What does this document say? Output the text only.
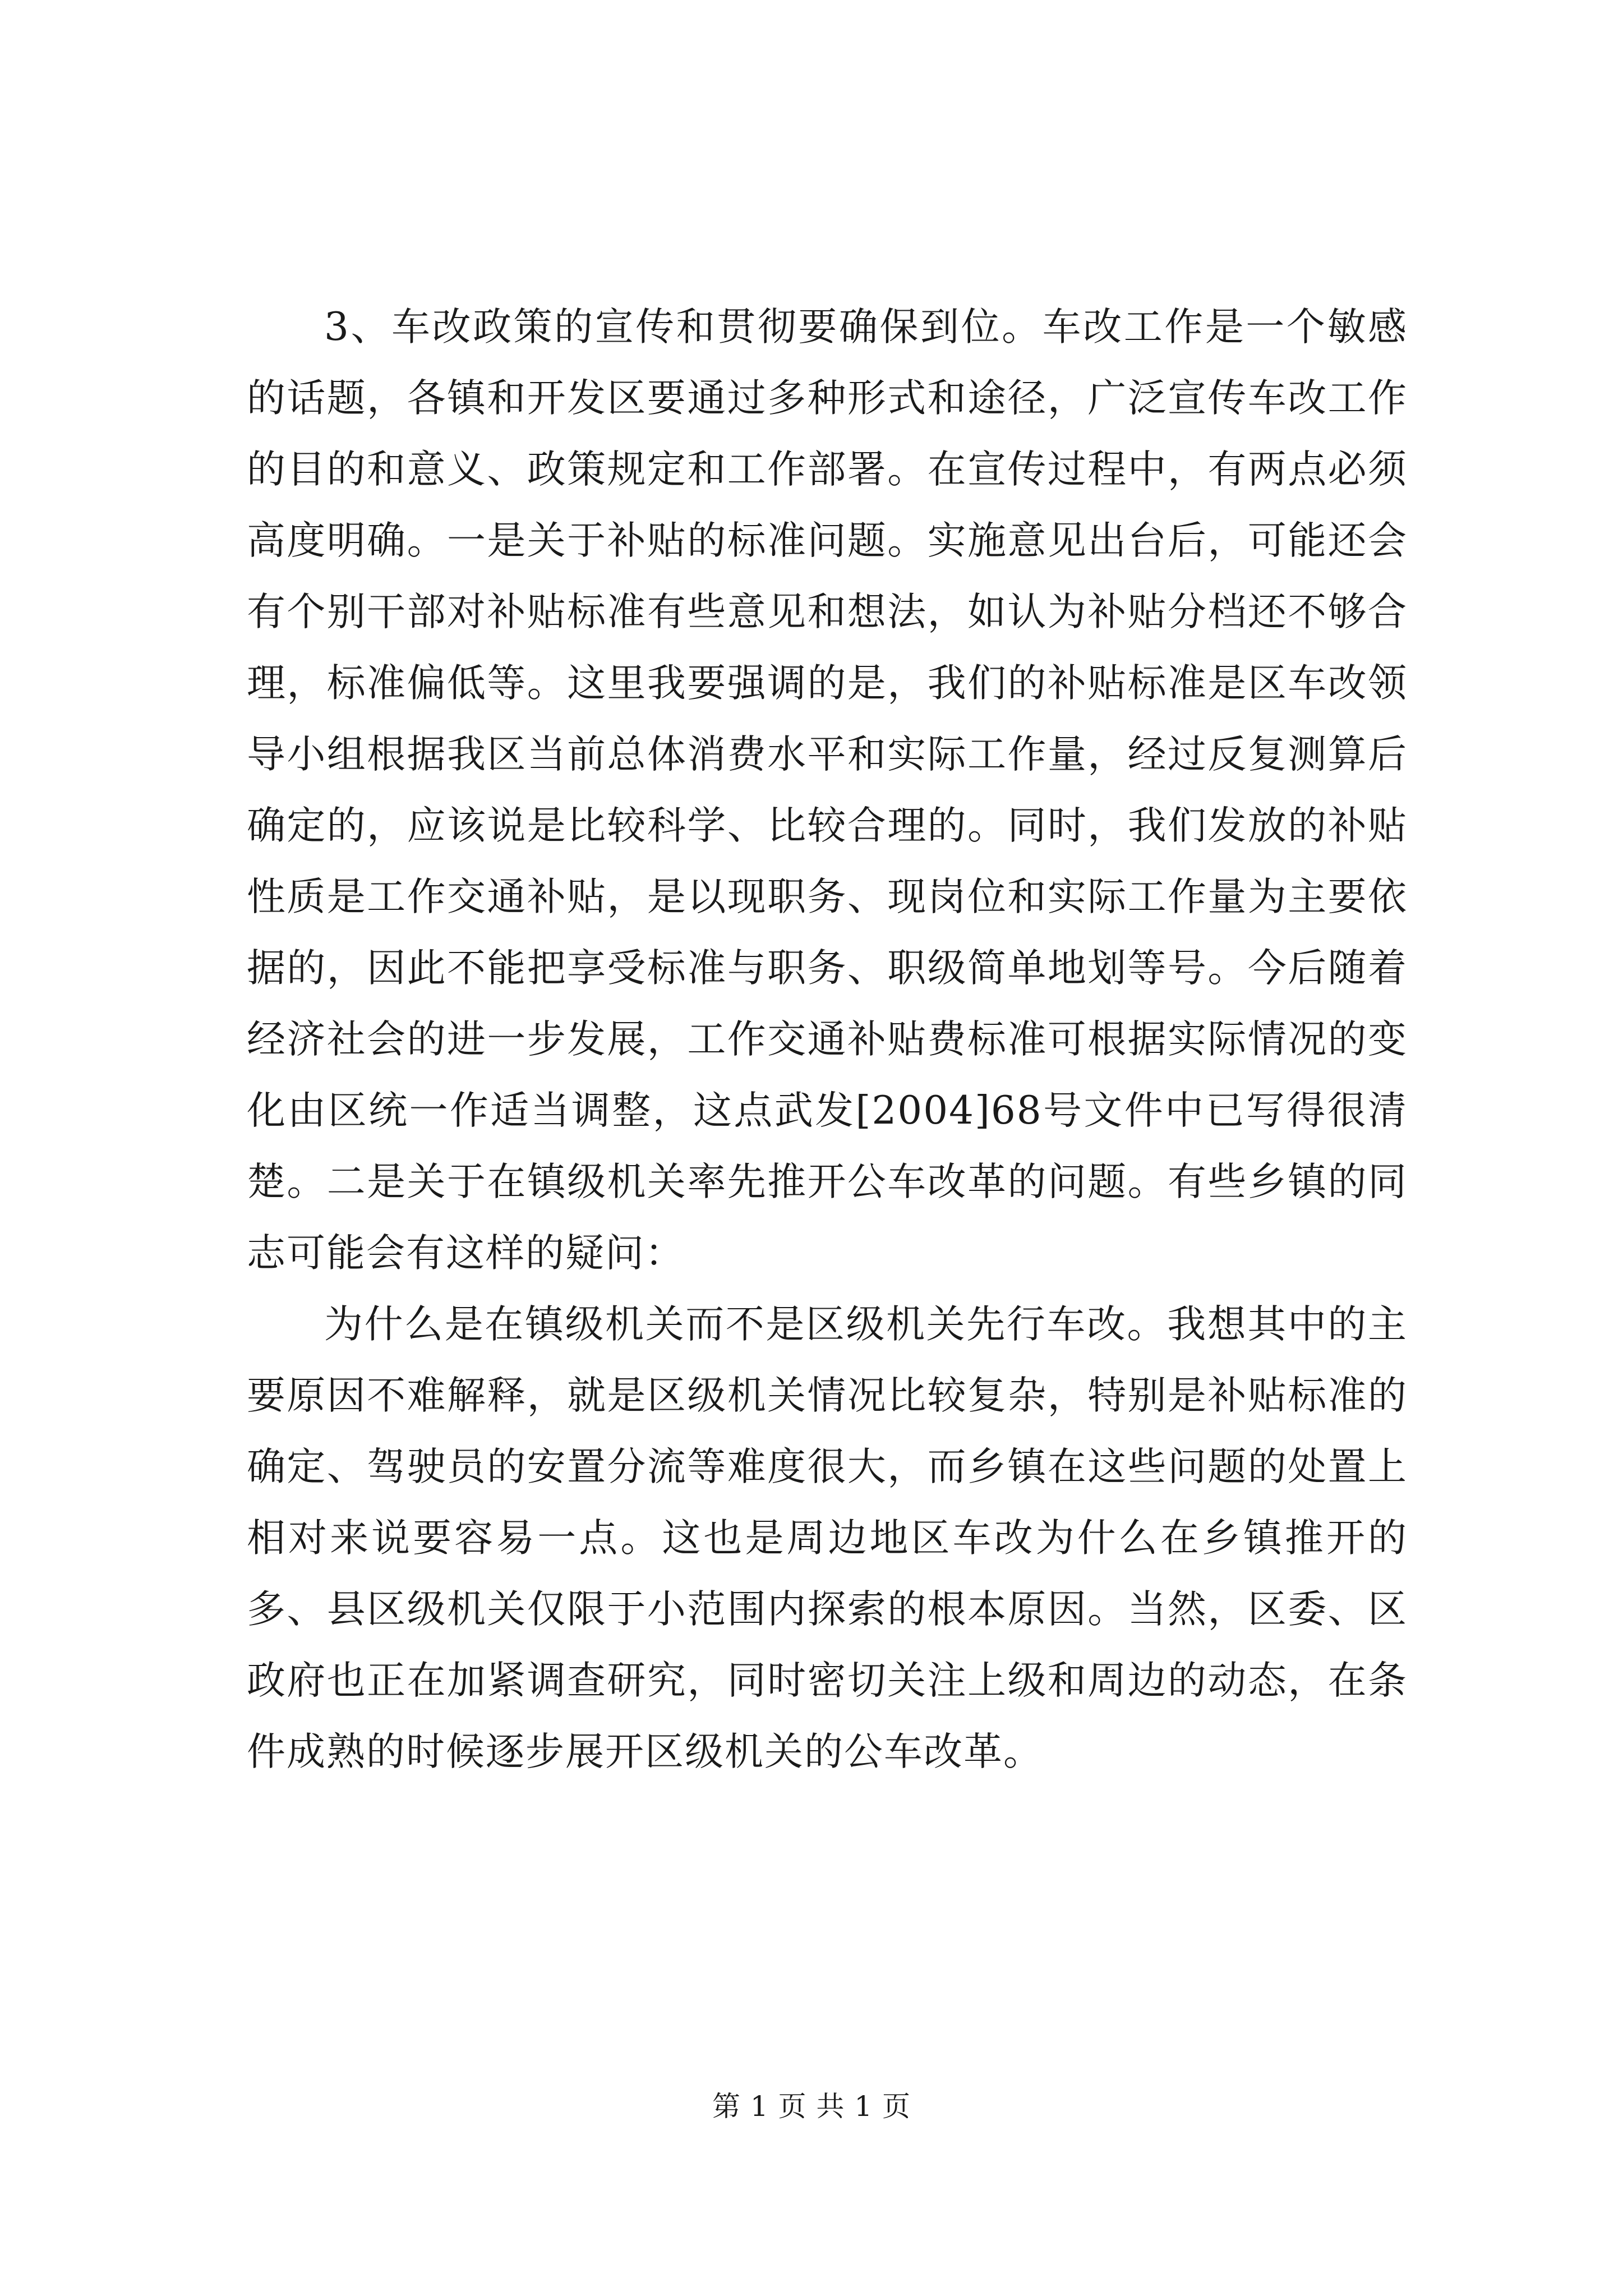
3、车改政策的宣传和贯彻要确保到位。车改工作是一个敏感的话题，各镇和开发区要通过多种形式和途径，广泛宣传车改工作的目的和意义、政策规定和工作部署。在宣传过程中，有两点必须高度明确。一是关于补贴的标准问题。实施意见出台后，可能还会有个别干部对补贴标准有些意见和想法，如认为补贴分档还不够合理，标准偏低等。这里我要强调的是，我们的补贴标准是区车改领导小组根据我区当前总体消费水平和实际工作量，经过反复测算后确定的，应该说是比较科学、比较合理的。同时，我们发放的补贴性质是工作交通补贴，是以现职务、现岗位和实际工作量为主要依据的，因此不能把享受标准与职务、职级简单地划等号。今后随着经济社会的进一步发展，工作交通补贴费标准可根据实际情况的变化由区统一作适当调整，这点武发[2004]68号文件中已写得很清楚。二是关于在镇级机关率先推开公车改革的问题。有些乡镇的同志可能会有这样的疑问：

为什么是在镇级机关而不是区级机关先行车改。我想其中的主要原因不难解释，就是区级机关情况比较复杂，特别是补贴标准的确定、驾驶员的安置分流等难度很大，而乡镇在这些问题的处置上相对来说要容易一点。这也是周边地区车改为什么在乡镇推开的多、县区级机关仅限于小范围内探索的根本原因。当然，区委、区政府也正在加紧调查研究，同时密切关注上级和周边的动态，在条件成熟的时候逐步展开区级机关的公车改革。

第 1 页 共 1 页
